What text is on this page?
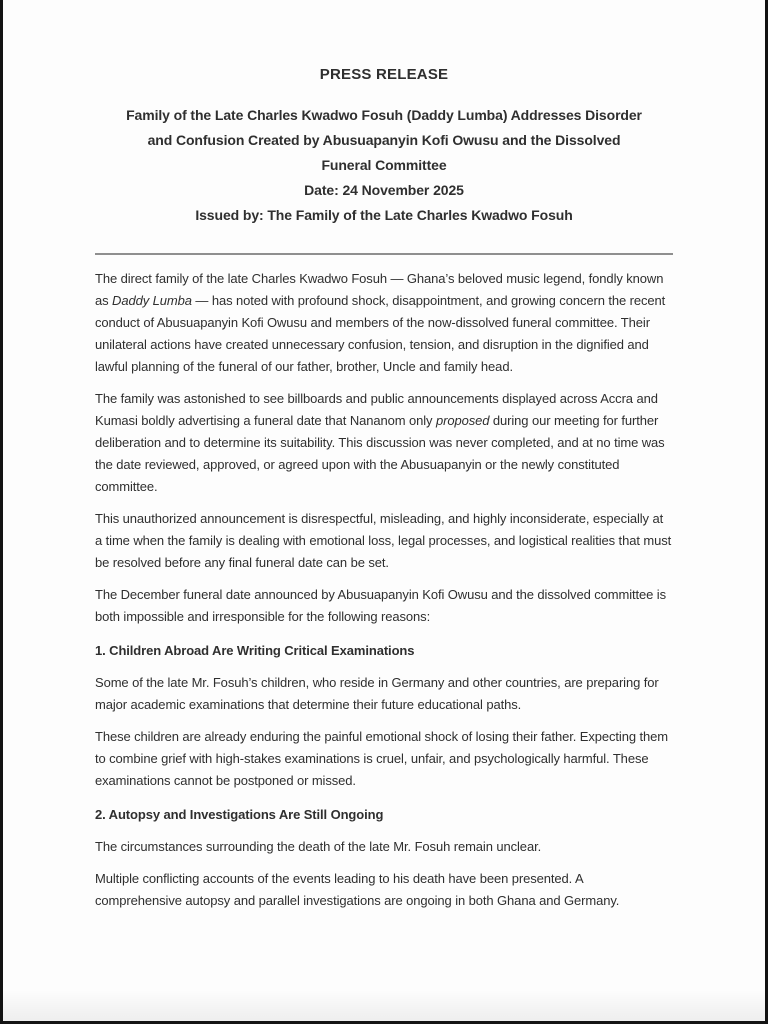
PRESS RELEASE
Family of the Late Charles Kwadwo Fosuh (Daddy Lumba) Addresses Disorder
and Confusion Created by Abusuapanyin Kofi Owusu and the Dissolved
Funeral Committee
Date: 24 November 2025
Issued by: The Family of the Late Charles Kwadwo Fosuh

The direct family of the late Charles Kwadwo Fosuh — Ghana’s beloved music legend, fondly known as Daddy Lumba — has noted with profound shock, disappointment, and growing concern the recent conduct of Abusuapanyin Kofi Owusu and members of the now-dissolved funeral committee. Their unilateral actions have created unnecessary confusion, tension, and disruption in the dignified and lawful planning of the funeral of our father, brother, Uncle and family head.

The family was astonished to see billboards and public announcements displayed across Accra and Kumasi boldly advertising a funeral date that Nananom only proposed during our meeting for further deliberation and to determine its suitability. This discussion was never completed, and at no time was the date reviewed, approved, or agreed upon with the Abusuapanyin or the newly constituted committee.

This unauthorized announcement is disrespectful, misleading, and highly inconsiderate, especially at a time when the family is dealing with emotional loss, legal processes, and logistical realities that must be resolved before any final funeral date can be set.

The December funeral date announced by Abusuapanyin Kofi Owusu and the dissolved committee is both impossible and irresponsible for the following reasons:

1. Children Abroad Are Writing Critical Examinations

Some of the late Mr. Fosuh’s children, who reside in Germany and other countries, are preparing for major academic examinations that determine their future educational paths.

These children are already enduring the painful emotional shock of losing their father. Expecting them to combine grief with high-stakes examinations is cruel, unfair, and psychologically harmful. These examinations cannot be postponed or missed.

2. Autopsy and Investigations Are Still Ongoing

The circumstances surrounding the death of the late Mr. Fosuh remain unclear.

Multiple conflicting accounts of the events leading to his death have been presented. A comprehensive autopsy and parallel investigations are ongoing in both Ghana and Germany.
